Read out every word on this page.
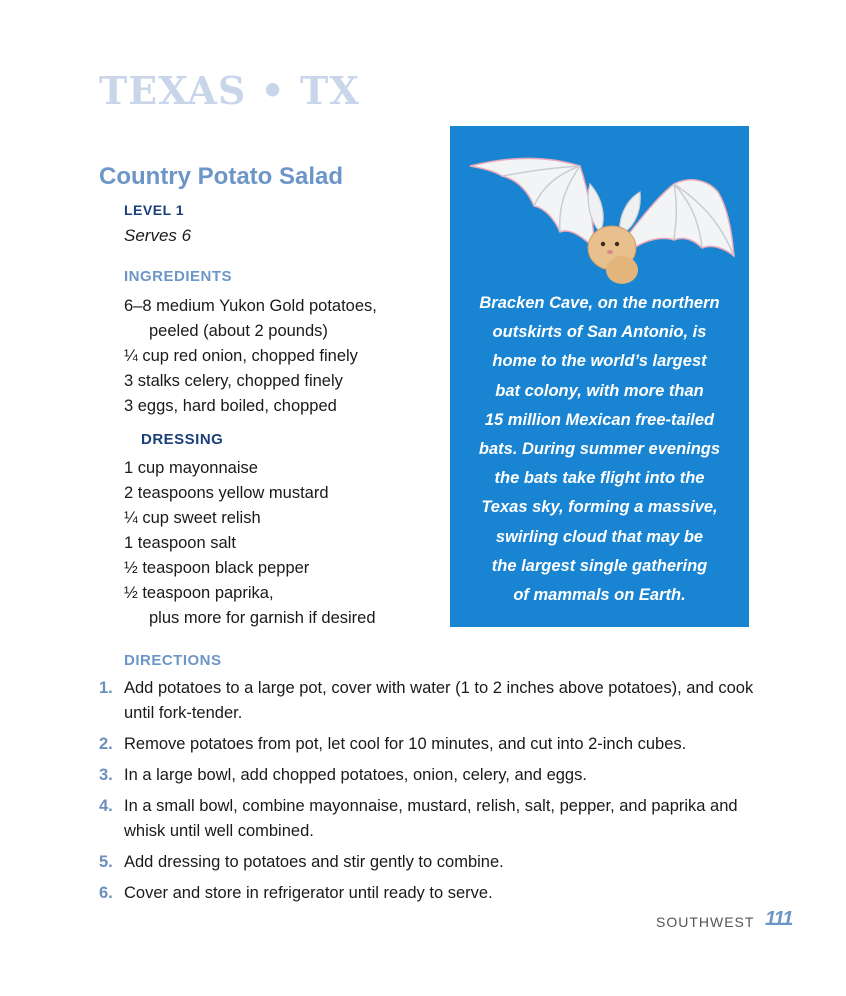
TEXAS • TX
Country Potato Salad
LEVEL 1
Serves 6
INGREDIENTS
6–8 medium Yukon Gold potatoes,
peeled (about 2 pounds)
¼ cup red onion, chopped finely
3 stalks celery, chopped finely
3 eggs, hard boiled, chopped
DRESSING
1 cup mayonnaise
2 teaspoons yellow mustard
¼ cup sweet relish
1 teaspoon salt
½ teaspoon black pepper
½ teaspoon paprika,
plus more for garnish if desired
Bracken Cave, on the northern
outskirts of San Antonio, is
home to the world’s largest
bat colony, with more than
15 million Mexican free-tailed
bats. During summer evenings
the bats take flight into the
Texas sky, forming a massive,
swirling cloud that may be
the largest single gathering
of mammals on Earth.
DIRECTIONS
1. Add potatoes to a large pot, cover with water (1 to 2 inches above potatoes), and cook until fork-tender.
2. Remove potatoes from pot, let cool for 10 minutes, and cut into 2-inch cubes.
3. In a large bowl, add chopped potatoes, onion, celery, and eggs.
4. In a small bowl, combine mayonnaise, mustard, relish, salt, pepper, and paprika and whisk until well combined.
5. Add dressing to potatoes and stir gently to combine.
6. Cover and store in refrigerator until ready to serve.
SOUTHWEST 111
